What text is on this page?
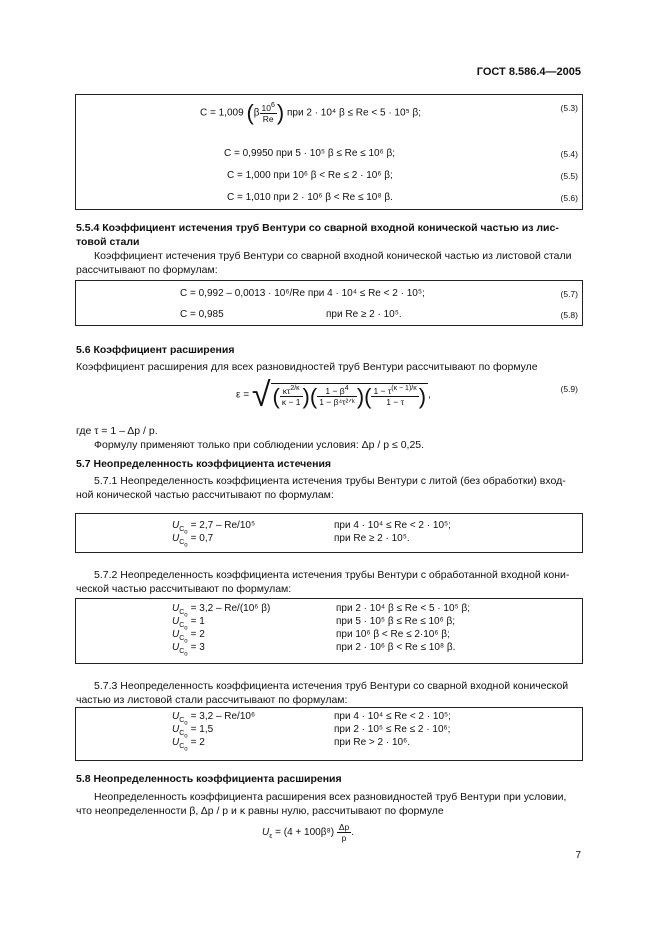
ГОСТ 8.586.4—2005
C = 1,009 ($\beta \frac{10^6}{Re}$ ) при 2 · 10⁴ β ≤ Re < 5 · 10⁵ β;	(5.3)
C = 0,9950 при 5 · 10⁵ β ≤ Re ≤ 10⁶ β;	(5.4)
C = 1,000 при 10⁶ β < Re ≤ 2 · 10⁶ β;	(5.5)
C = 1,010 при 2 · 10⁶ β < Re ≤ 10⁸ β.	(5.6)
5.5.4 Коэффициент истечения труб Вентури со сварной входной конической частью из лис-
товой стали
Коэффициент истечения труб Вентури со сварной входной конической частью из листовой стали
рассчитывают по формулам:
C = 0,992 – 0,0013 · 10⁶/Re при 4 · 10⁴ ≤ Re < 2 · 10⁵;	(5.7)
C = 0,985	при Re ≥ 2 · 10⁵.	(5.8)
5.6 Коэффициент расширения
Коэффициент расширения для всех разновидностей труб Вентури рассчитывают по формуле
ε = √( $\frac{\kappa\tau^{2/\kappa}}{\kappa - 1}$ )( $\frac{1 - \beta^4}{\text{1 − β⁴τ²ᐟᵏ}}$ )( $\frac{1 - \tau^{(\kappa - 1)/\kappa}}{1 - \tau}$ ) ,
(5.9)
где τ = 1 – Δp / p.
Формулу применяют только при соблюдении условия: Δp / p ≤ 0,25.
5.7 Неопределенность коэффициента истечения
5.7.1 Неопределенность коэффициента истечения трубы Вентури с литой (без обработки) вход-
ной конической частью рассчитывают по формулам:
$U_{C_o}= 2,7 - Re/10^5$	при 4 · 10⁴ ≤ Re < 2 · 10⁵;
$U_{C_o}= 0,7$	при Re ≥ 2 · 10⁵.
5.7.2 Неопределенность коэффициента истечения трубы Вентури с обработанной входной кони-
ческой частью рассчитывают по формулам:
$U_{C_o}= 3,2 - Re/(10^6$ β)	при 2 · 10⁴ β ≤ Re < 5 · 10⁵ β;
$U_{C_o}= 1$	при 5 · 10⁵ β ≤ Re ≤ 10⁶ β;
$U_{C_o}= 2$	при 10⁶ β < Re ≤ 2·10⁶ β;
$U_{C_o}= 3$	при 2 · 10⁶ β < Re ≤ 10⁸ β.
5.7.3 Неопределенность коэффициента истечения труб Вентури со сварной входной конической
частью из листовой стали рассчитывают по формулам:
$U_{C_o}= 3,2 - Re/10^6$	при 4 · 10⁴ ≤ Re < 2 · 10⁵;
$U_{C_o}= 1,5$	при 2 · 10⁵ ≤ Re ≤ 2 · 10⁶;
$U_{C_o}= 2$	при Re > 2 · 10⁶.
5.8 Неопределенность коэффициента расширения
Неопределенность коэффициента расширения всех разновидностей труб Вентури при условии,
что неопределенности β, Δp / p и κ равны нулю, рассчитывают по формуле
$U_\varepsilon = (4 + 100\beta^8) \frac{\Delta p}{p}$ .
7
